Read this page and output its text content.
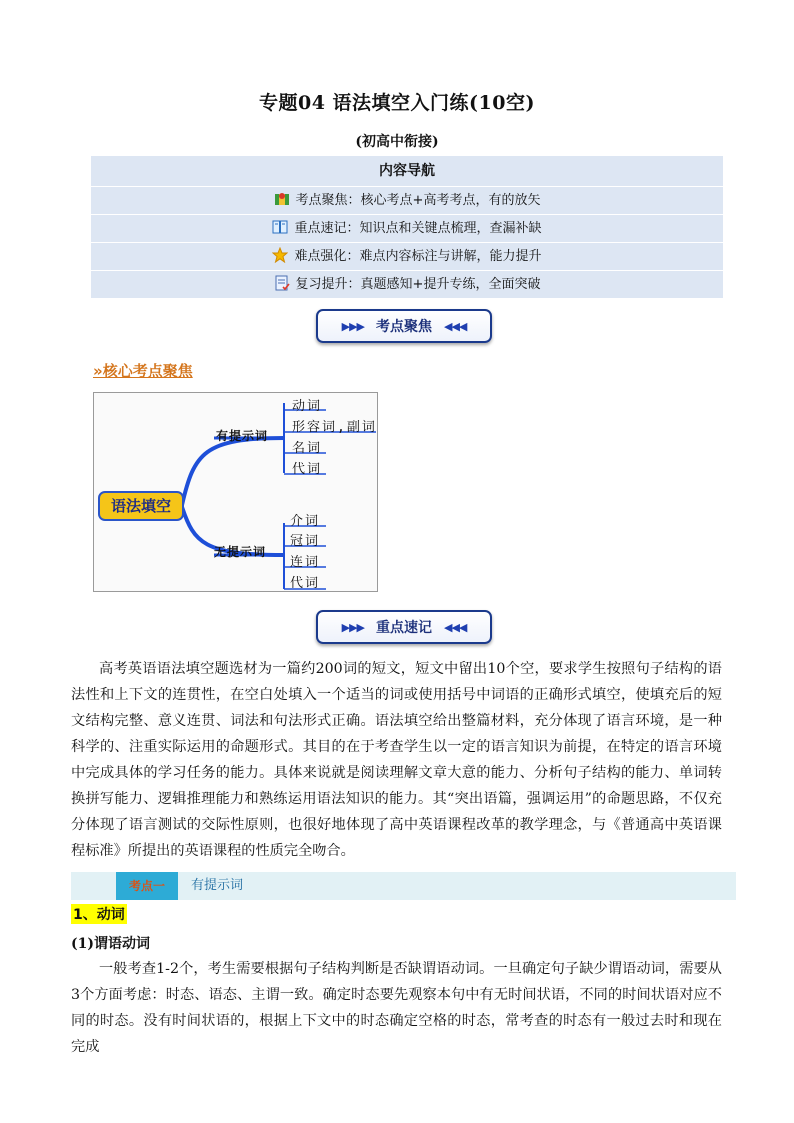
专题04 语法填空入门练(10空)
(初高中衔接)
内容导航
考点聚焦：核心考点+高考考点，有的放矢
重点速记：知识点和关键点梳理，查漏补缺
难点强化：难点内容标注与讲解，能力提升
复习提升：真题感知+提升专练，全面突破
▶▶▶ 考点聚焦 ◀◀◀
»核心考点聚焦
语法填空
有提示词
无提示词
动词
形容词,副词
名词
代词
介词
冠词
连词
代词
▶▶▶ 重点速记 ◀◀◀
高考英语语法填空题选材为一篇约200词的短文，短文中留出10个空，要求学生按照句子结构的语法性和上下文的连贯性，在空白处填入一个适当的词或使用括号中词语的正确形式填空，使填充后的短文结构完整、意义连贯、词法和句法形式正确。语法填空给出整篇材料，充分体现了语言环境，是一种科学的、注重实际运用的命题形式。其目的在于考查学生以一定的语言知识为前提，在特定的语言环境中完成具体的学习任务的能力。具体来说就是阅读理解文章大意的能力、分析句子结构的能力、单词转换拼写能力、逻辑推理能力和熟练运用语法知识的能力。其“突出语篇，强调运用”的命题思路，不仅充分体现了语言测试的交际性原则，也很好地体现了高中英语课程改革的教学理念，与《普通高中英语课程标准》所提出的英语课程的性质完全吻合。
考点一	有提示词
1、动词
(1)谓语动词
一般考查1-2个，考生需要根据句子结构判断是否缺谓语动词。一旦确定句子缺少谓语动词，需要从3个方面考虑：时态、语态、主谓一致。确定时态要先观察本句中有无时间状语，不同的时间状语对应不同的时态。没有时间状语的，根据上下文中的时态确定空格的时态，常考查的时态有一般过去时和现在完成
